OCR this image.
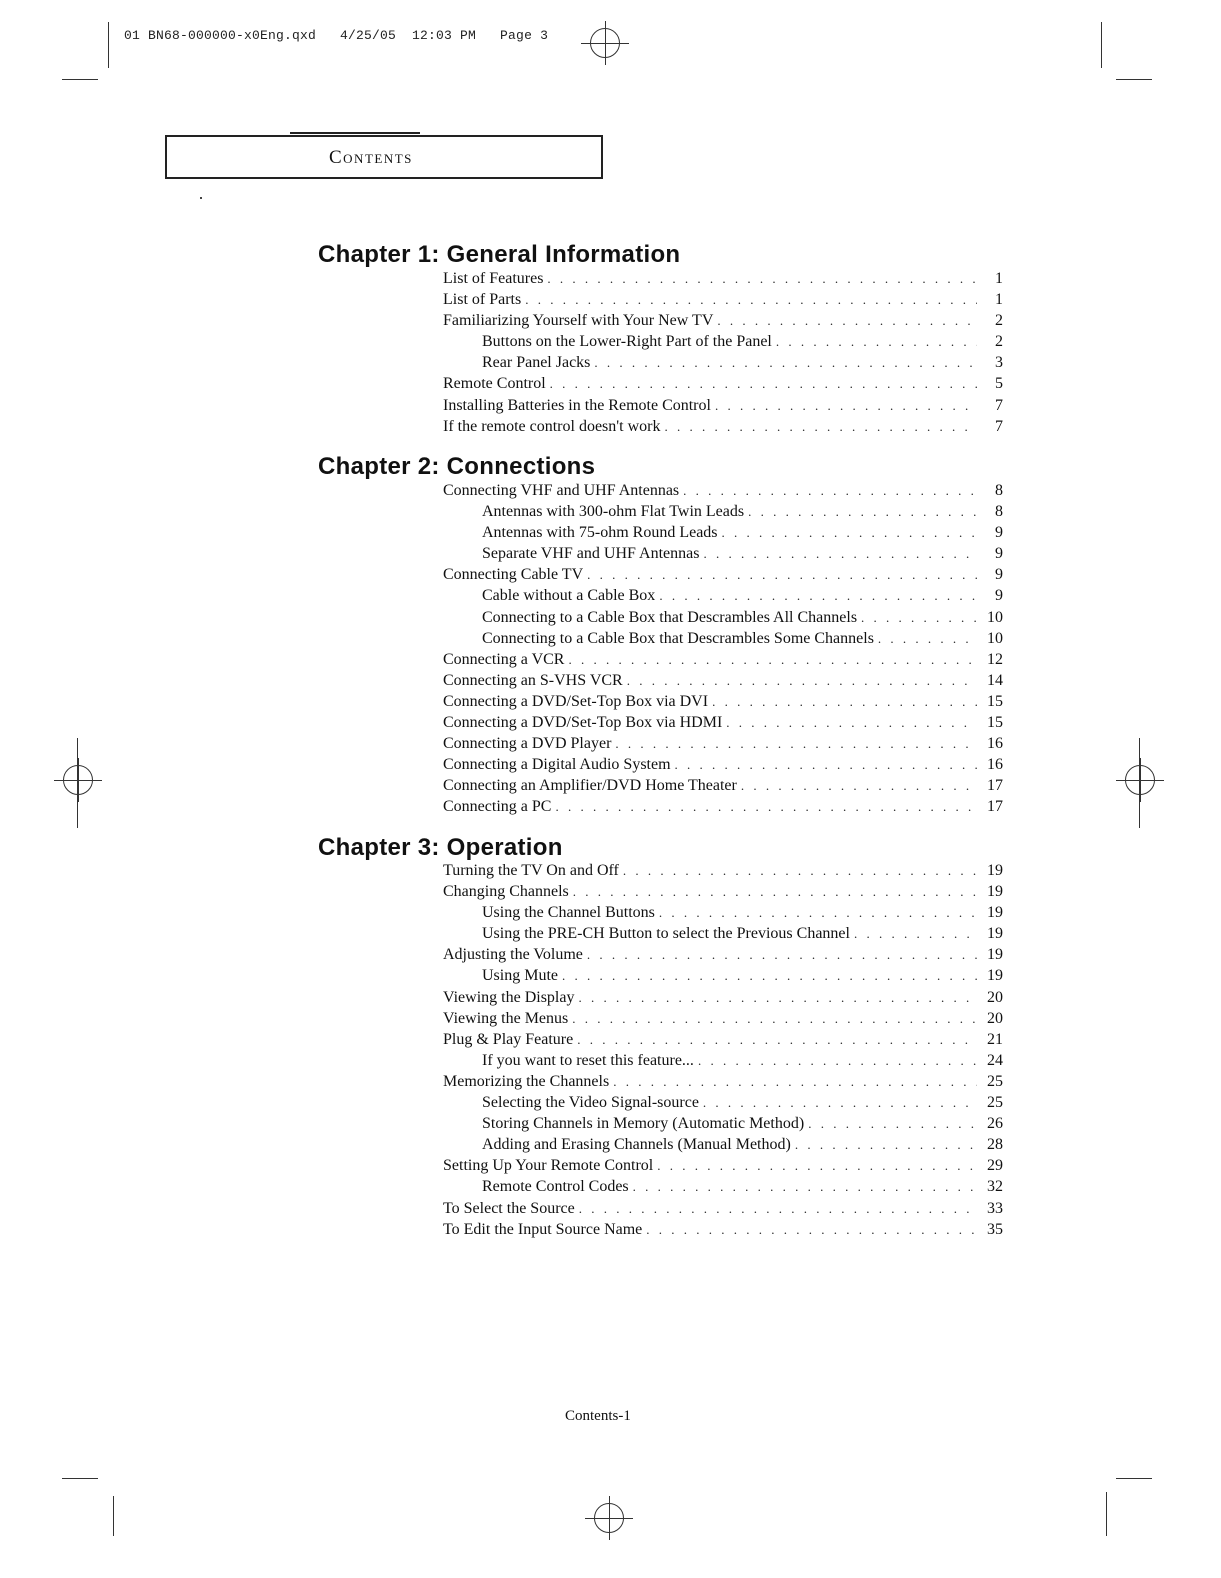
01 BN68-000000-x0Eng.qxd   4/25/05  12:03 PM   Page 3
Contents
Chapter 1: General Information
List of Features . . .	1
List of Parts . . .	1
Familiarizing Yourself with Your New TV . . .	2
Buttons on the Lower-Right Part of the Panel . . .	2
Rear Panel Jacks . . .	3
Remote Control . . .	5
Installing Batteries in the Remote Control . . .	7
If the remote control doesn't work . . .	7
Chapter 2: Connections
Connecting VHF and UHF Antennas . . .	8
Antennas with 300-ohm Flat Twin Leads . . .	8
Antennas with 75-ohm Round Leads . . .	9
Separate VHF and UHF Antennas . . .	9
Connecting Cable TV . . .	9
Cable without a Cable Box . . .	9
Connecting to a Cable Box that Descrambles All Channels . . .	10
Connecting to a Cable Box that Descrambles Some Channels . . .	10
Connecting a VCR . . .	12
Connecting an S-VHS VCR . . .	14
Connecting a DVD/Set-Top Box via DVI . . .	15
Connecting a DVD/Set-Top Box via HDMI . . .	15
Connecting a DVD Player . . .	16
Connecting a Digital Audio System . . .	16
Connecting an Amplifier/DVD Home Theater . . .	17
Connecting a PC . . .	17
Chapter 3: Operation
Turning the TV On and Off . . .	19
Changing Channels . . .	19
Using the Channel Buttons . . .	19
Using the PRE-CH Button to select the Previous Channel . . .	19
Adjusting the Volume . . .	19
Using Mute . . .	19
Viewing the Display . . .	20
Viewing the Menus . . .	20
Plug & Play Feature . . .	21
If you want to reset this feature... . . .	24
Memorizing the Channels . . .	25
Selecting the Video Signal-source . . .	25
Storing Channels in Memory (Automatic Method) . . .	26
Adding and Erasing Channels (Manual Method) . . .	28
Setting Up Your Remote Control . . .	29
Remote Control Codes . . .	32
To Select the Source . . .	33
To Edit the Input Source Name . . .	35
Contents-1
